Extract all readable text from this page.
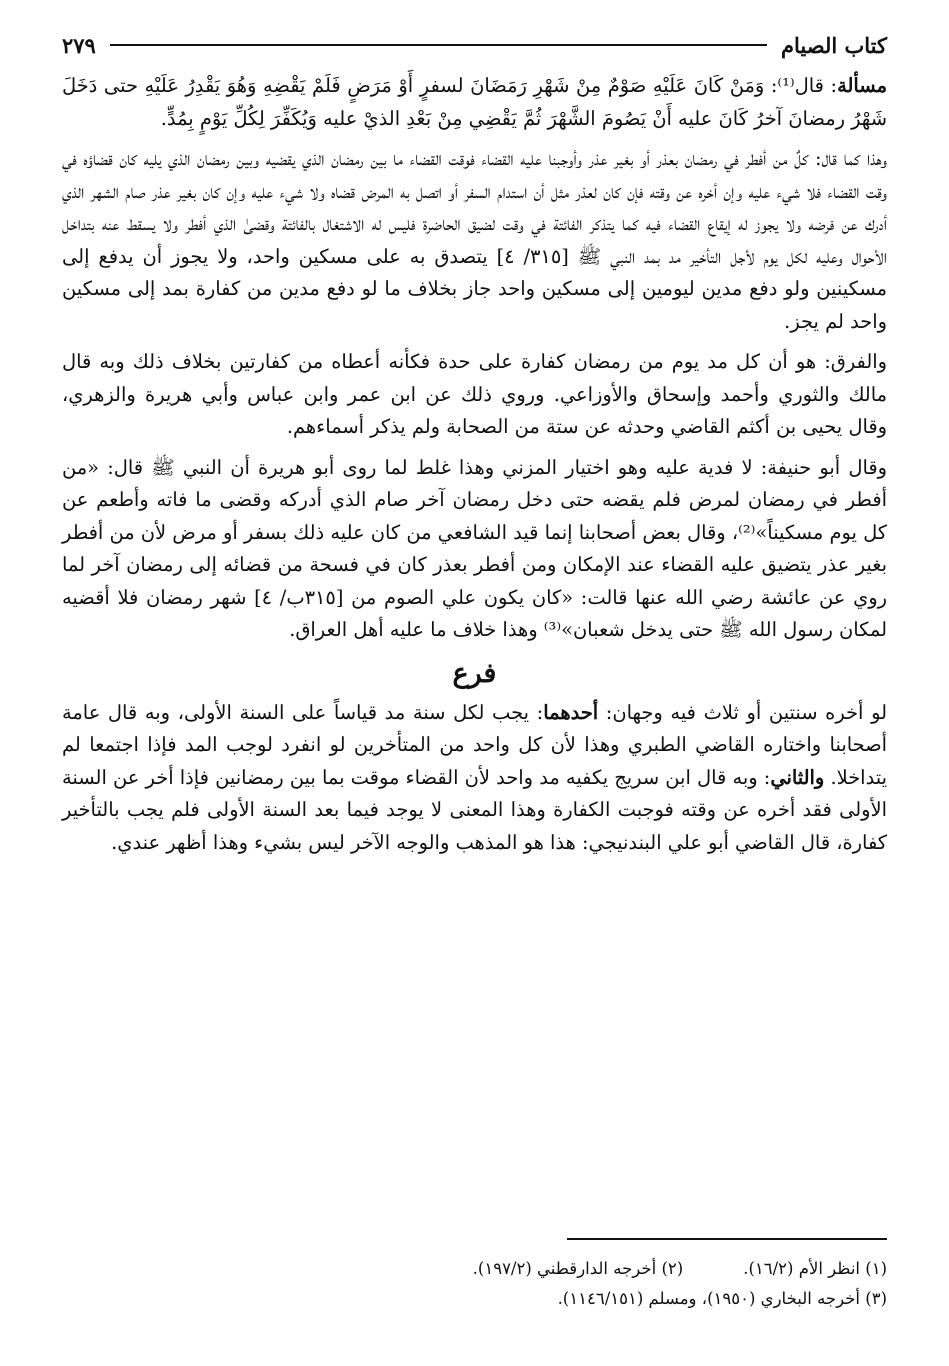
كتاب الصيام
٢٧٩

مسألة: قال⁽¹⁾: وَمَنْ كَانَ عَلَيْهِ صَوْمٌ مِنْ شَهْرِ رَمَضَانَ لسفرٍ أَوْ مَرَضٍ فَلَمْ يَقْضِهِ وَهُوَ يَقْدِرُ عَلَيْهِ حتى دَخَلَ شَهْرُ رمضانَ آخرُ كَانَ عليه أَنْ يَصُومَ الشَّهْرَ ثُمَّ يَقْضِي مِنْ بَعْدِ الذيْ عليه وَيُكَفِّرَ لِكُلِّ يَوْمٍ بِمُدٍّ.

وهذا كما قال: كلٌ من أفطر في رمضان بعذر أو بغير عذر وأوجبنا عليه القضاء فوقت القضاء ما بين رمضان الذي يقضيه وبين رمضان الذي يليه كان قضاؤه في وقت القضاء فلا شيء عليه وإن أخره عن وقته فإن كان لعذر مثل أن استدام السفر أو اتصل به المرض قضاه ولا شيء عليه وإن كان بغير عذر صام الشهر الذي أدرك عن فرضه ولا يجوز له إيقاع القضاء فيه كما يتذكر الفائتة في وقت لضيق الحاضرة فليس له الاشتغال بالفائتة وقضىٰ الذي أفطر ولا يسقط عنه بتداخل الأحوال وعليه لكل يوم لأجل التأخير مد بمد النبي ﷺ [٣١٥/ ٤] يتصدق به على مسكين واحد، ولا يجوز أن يدفع إلى مسكينين ولو دفع مدين ليومين إلى مسكين واحد جاز بخلاف ما لو دفع مدين من كفارة بمد إلى مسكين واحد لم يجز.

والفرق: هو أن كل مد يوم من رمضان كفارة على حدة فكأنه أعطاه من كفارتين بخلاف ذلك وبه قال مالك والثوري وأحمد وإسحاق والأوزاعي. وروي ذلك عن ابن عمر وابن عباس وأبي هريرة والزهري، وقال يحيى بن أكثم القاضي وحدثه عن ستة من الصحابة ولم يذكر أسماءهم.

وقال أبو حنيفة: لا فدية عليه وهو اختيار المزني وهذا غلط لما روى أبو هريرة أن النبي ﷺ قال: «من أفطر في رمضان لمرض فلم يقضه حتى دخل رمضان آخر صام الذي أدركه وقضى ما فاته وأطعم عن كل يوم مسكيناً»⁽²⁾، وقال بعض أصحابنا إنما قيد الشافعي من كان عليه ذلك بسفر أو مرض لأن من أفطر بغير عذر يتضيق عليه القضاء عند الإمكان ومن أفطر بعذر كان في فسحة من قضائه إلى رمضان آخر لما روي عن عائشة رضي الله عنها قالت: «كان يكون علي الصوم من [٣١٥ب/ ٤] شهر رمضان فلا أقضيه لمكان رسول الله ﷺ حتى يدخل شعبان»⁽³⁾ وهذا خلاف ما عليه أهل العراق.

فرع

لو أخره سنتين أو ثلاث فيه وجهان: أحدهما: يجب لكل سنة مد قياساً على السنة الأولى، وبه قال عامة أصحابنا واختاره القاضي الطبري وهذا لأن كل واحد من المتأخرين لو انفرد لوجب المد فإذا اجتمعا لم يتداخلا. والثاني: وبه قال ابن سريج يكفيه مد واحد لأن القضاء موقت بما بين رمضانين فإذا أخر عن السنة الأولى فقد أخره عن وقته فوجبت الكفارة وهذا المعنى لا يوجد فيما بعد السنة الأولى فلم يجب بالتأخير كفارة، قال القاضي أبو علي البندنيجي: هذا هو المذهب والوجه الآخر ليس بشيء وهذا أظهر عندي.

(١) انظر الأم (١٦/٢).
(٢) أخرجه الدارقطني (١٩٧/٢).
(٣) أخرجه البخاري (١٩٥٠)، ومسلم (١١٤٦/١٥١).
